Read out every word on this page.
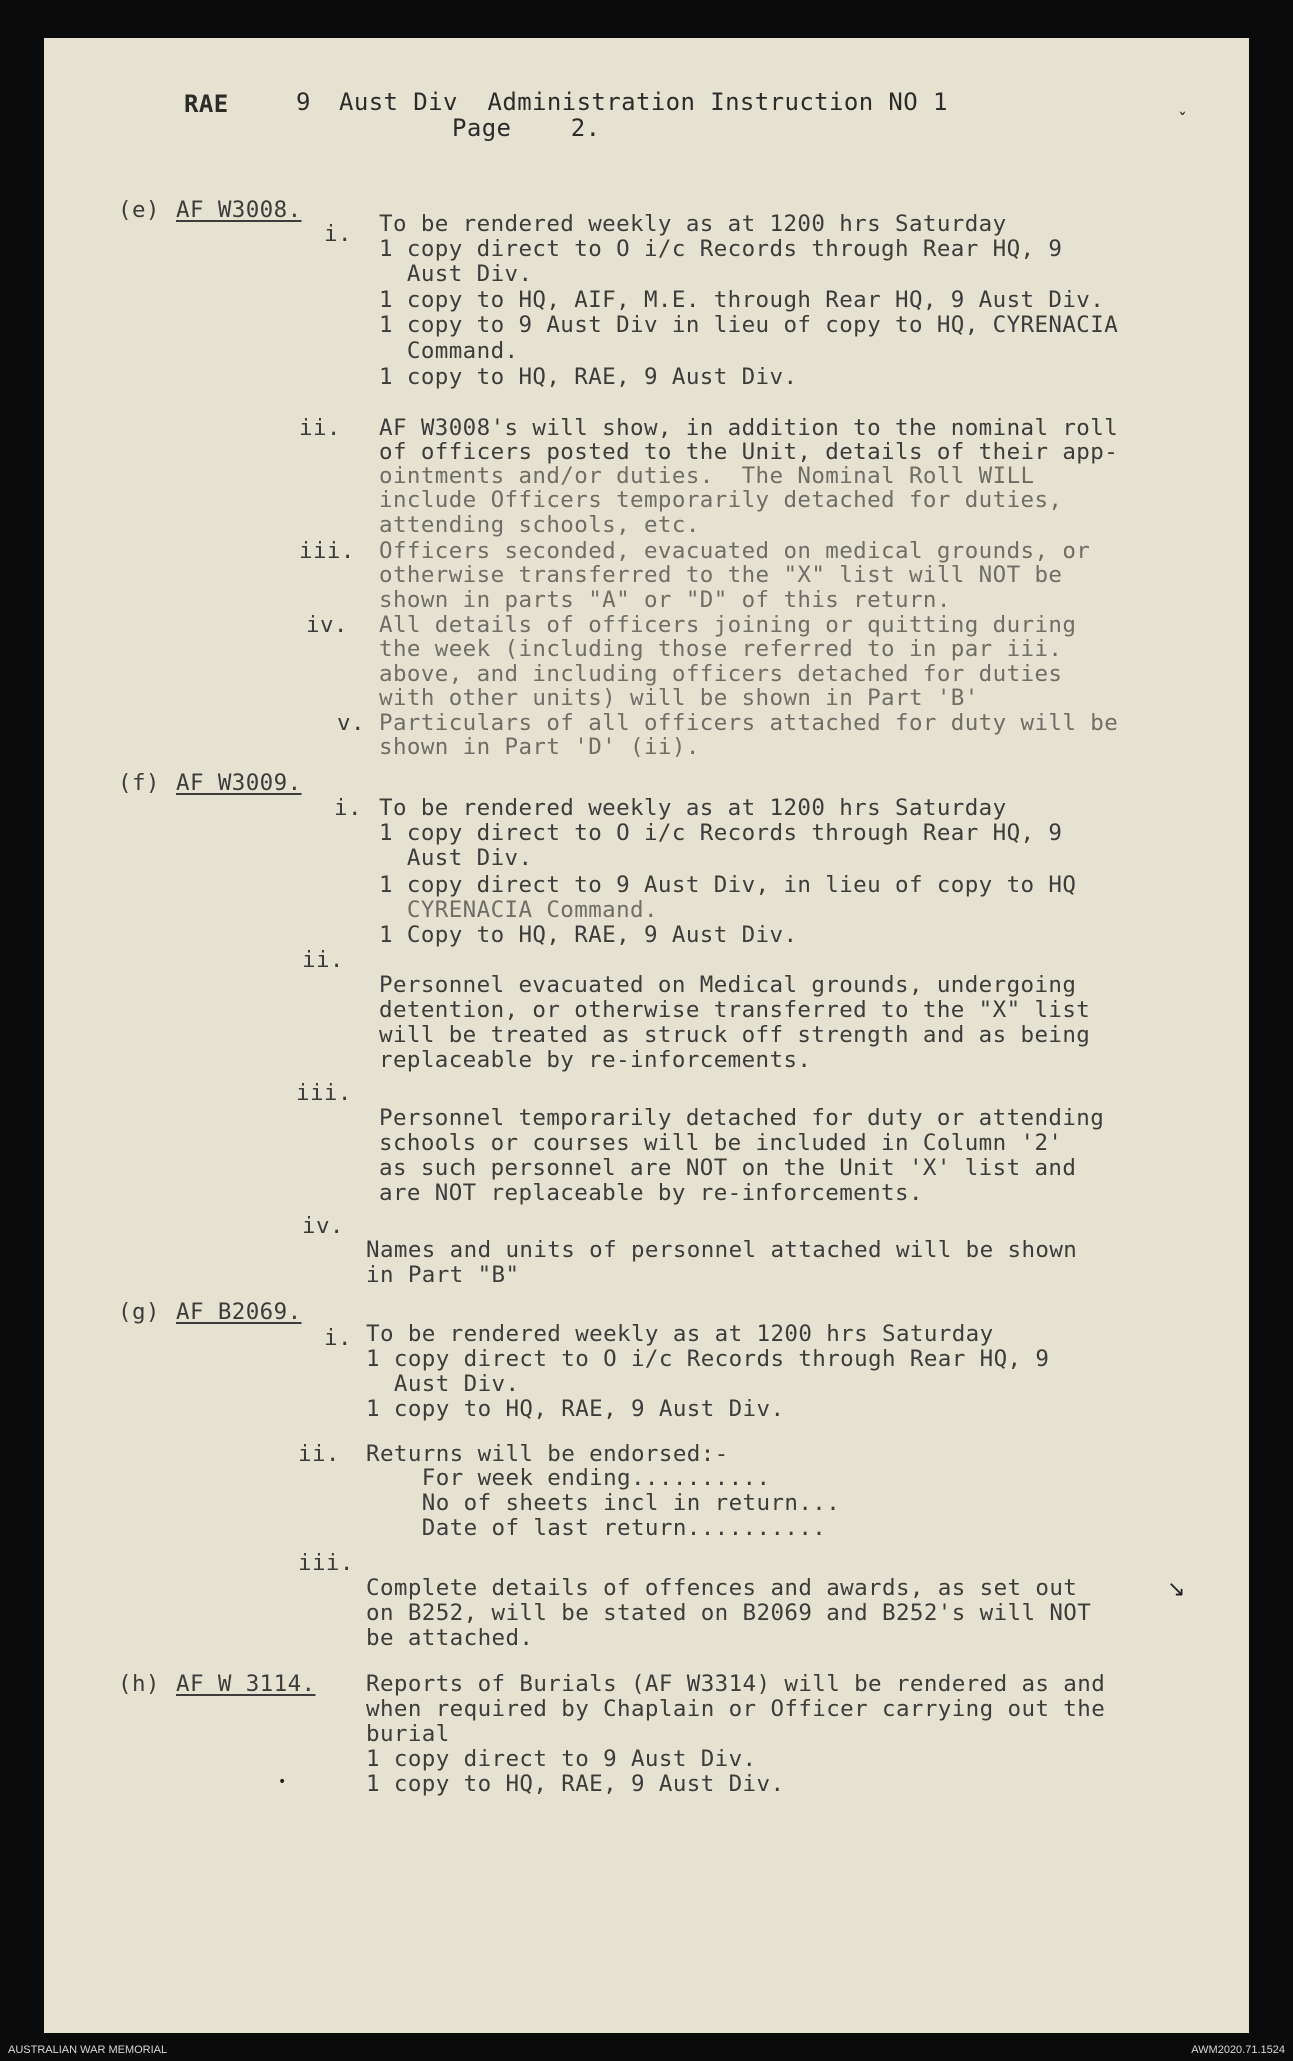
RAE	9 Aust Div  Administration Instruction NO 1
Page    2.
(e) AF W3008.
i. To be rendered weekly as at 1200 hrs Saturday
1 copy direct to O i/c Records through Rear HQ, 9
Aust Div.
1 copy to HQ, AIF, M.E. through Rear HQ, 9 Aust Div.
1 copy to 9 Aust Div in lieu of copy to HQ, CYRENACIA
Command.
1 copy to HQ, RAE, 9 Aust Div.
ii. AF W3008's will show, in addition to the nominal roll
of officers posted to the Unit, details of their app-
ointments and/or duties.  The Nominal Roll WILL
include Officers temporarily detached for duties,
attending schools, etc.
iii. Officers seconded, evacuated on medical grounds, or
otherwise transferred to the "X" list will NOT be
shown in parts "A" or "D" of this return.
iv. All details of officers joining or quitting during
the week (including those referred to in par iii.
above, and including officers detached for duties
with other units) will be shown in Part 'B'
v. Particulars of all officers attached for duty will be
shown in Part 'D' (ii).
(f) AF W3009.
i. To be rendered weekly as at 1200 hrs Saturday
1 copy direct to O i/c Records through Rear HQ, 9
Aust Div.
1 copy direct to 9 Aust Div, in lieu of copy to HQ
CYRENACIA Command.
1 Copy to HQ, RAE, 9 Aust Div.
ii.
Personnel evacuated on Medical grounds, undergoing
detention, or otherwise transferred to the "X" list
will be treated as struck off strength and as being
replaceable by re-inforcements.
iii.
Personnel temporarily detached for duty or attending
schools or courses will be included in Column '2'
as such personnel are NOT on the Unit 'X' list and
are NOT replaceable by re-inforcements.
iv.
Names and units of personnel attached will be shown
in Part "B"
(g) AF B2069.
i. To be rendered weekly as at 1200 hrs Saturday
1 copy direct to O i/c Records through Rear HQ, 9
Aust Div.
1 copy to HQ, RAE, 9 Aust Div.
ii. Returns will be endorsed:-
For week ending..........
No of sheets incl in return...
Date of last return..........
iii.
Complete details of offences and awards, as set out
on B252, will be stated on B2069 and B252's will NOT
be attached.
(h) AF W 3114. Reports of Burials (AF W3314) will be rendered as and
when required by Chaplain or Officer carrying out the
burial
1 copy direct to 9 Aust Div.
1 copy to HQ, RAE, 9 Aust Div.
ˇ
↘
•
AUSTRALIAN WAR MEMORIAL	AWM2020.71.1524
